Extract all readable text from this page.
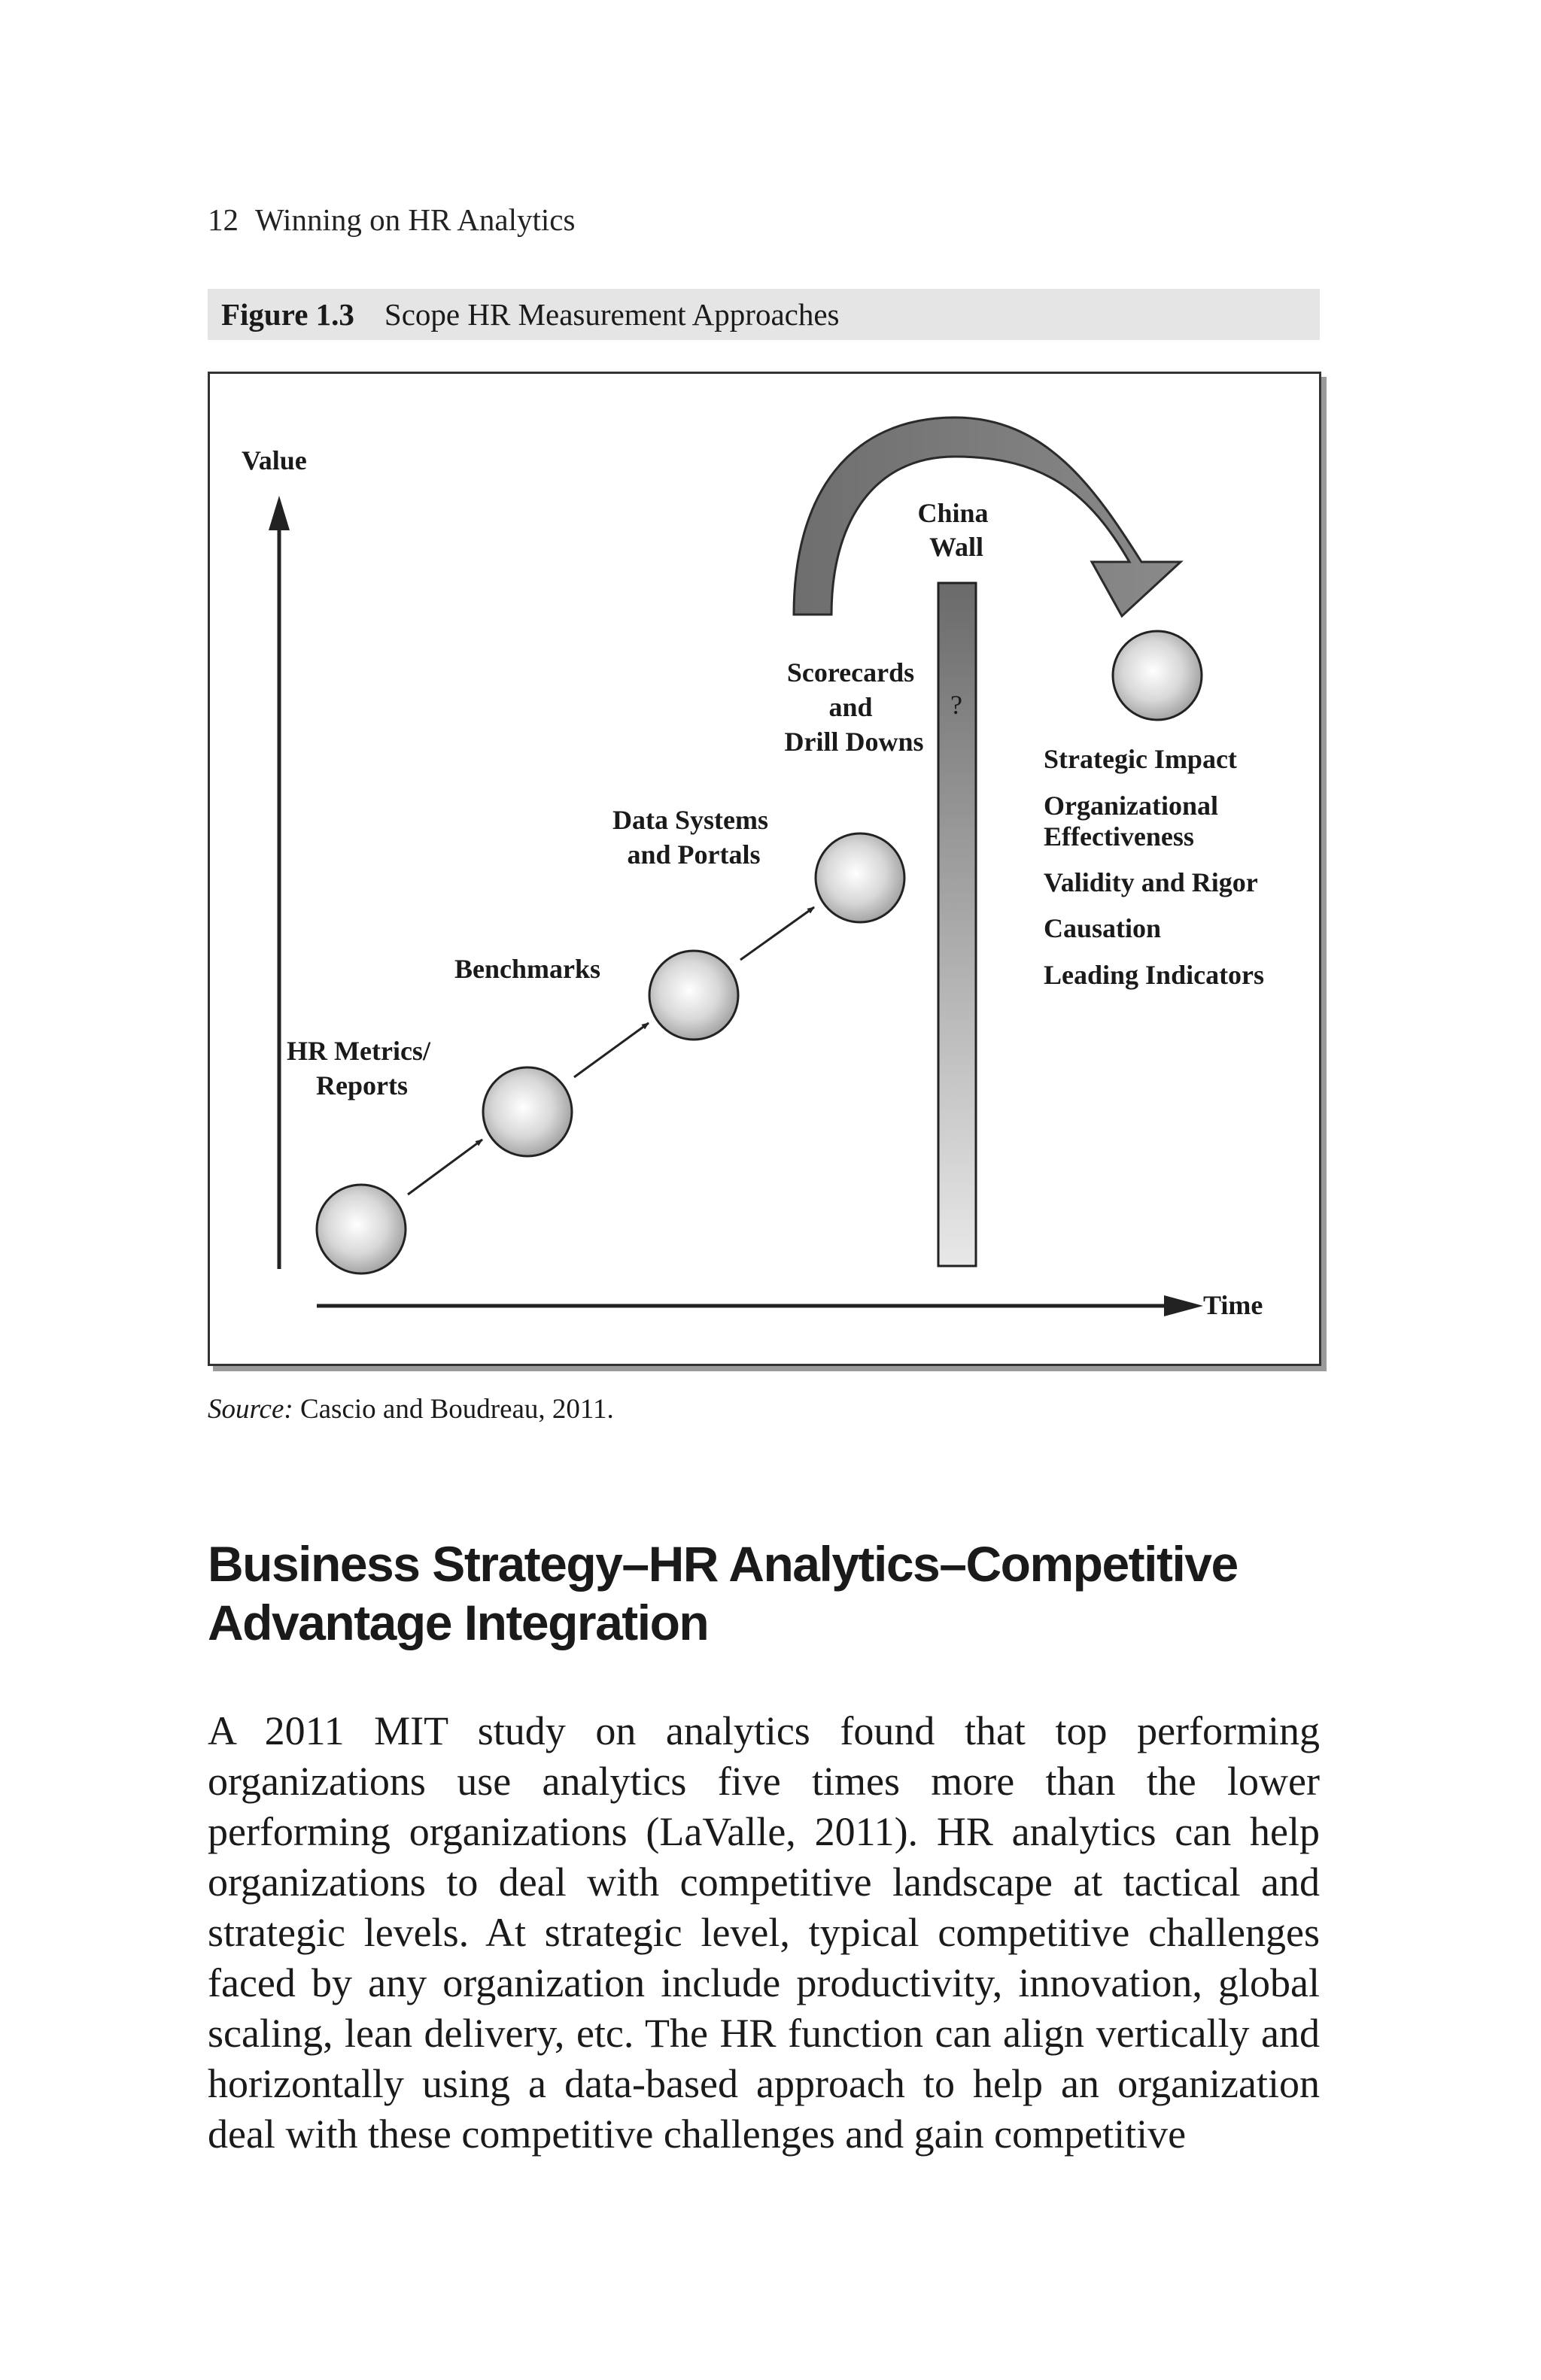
12 Winning on HR Analytics
Figure 1.3 Scope HR Measurement Approaches
Value
Time
China Wall
?
HR Metrics/ Reports
Benchmarks
Data Systems and Portals
Scorecards and Drill Downs
Strategic Impact
Organizational Effectiveness
Validity and Rigor
Causation
Leading Indicators
Source: Cascio and Boudreau, 2011.
Business Strategy–HR Analytics–Competitive Advantage Integration
A 2011 MIT study on analytics found that top performing organizations use analytics five times more than the lower performing organizations (LaValle, 2011). HR analytics can help organizations to deal with competitive landscape at tactical and strategic levels. At strategic level, typical competitive challenges faced by any organization include productivity, innovation, global scaling, lean delivery, etc. The HR function can align vertically and horizontally using a data-based approach to help an organization deal with these competitive challenges and gain competitive
